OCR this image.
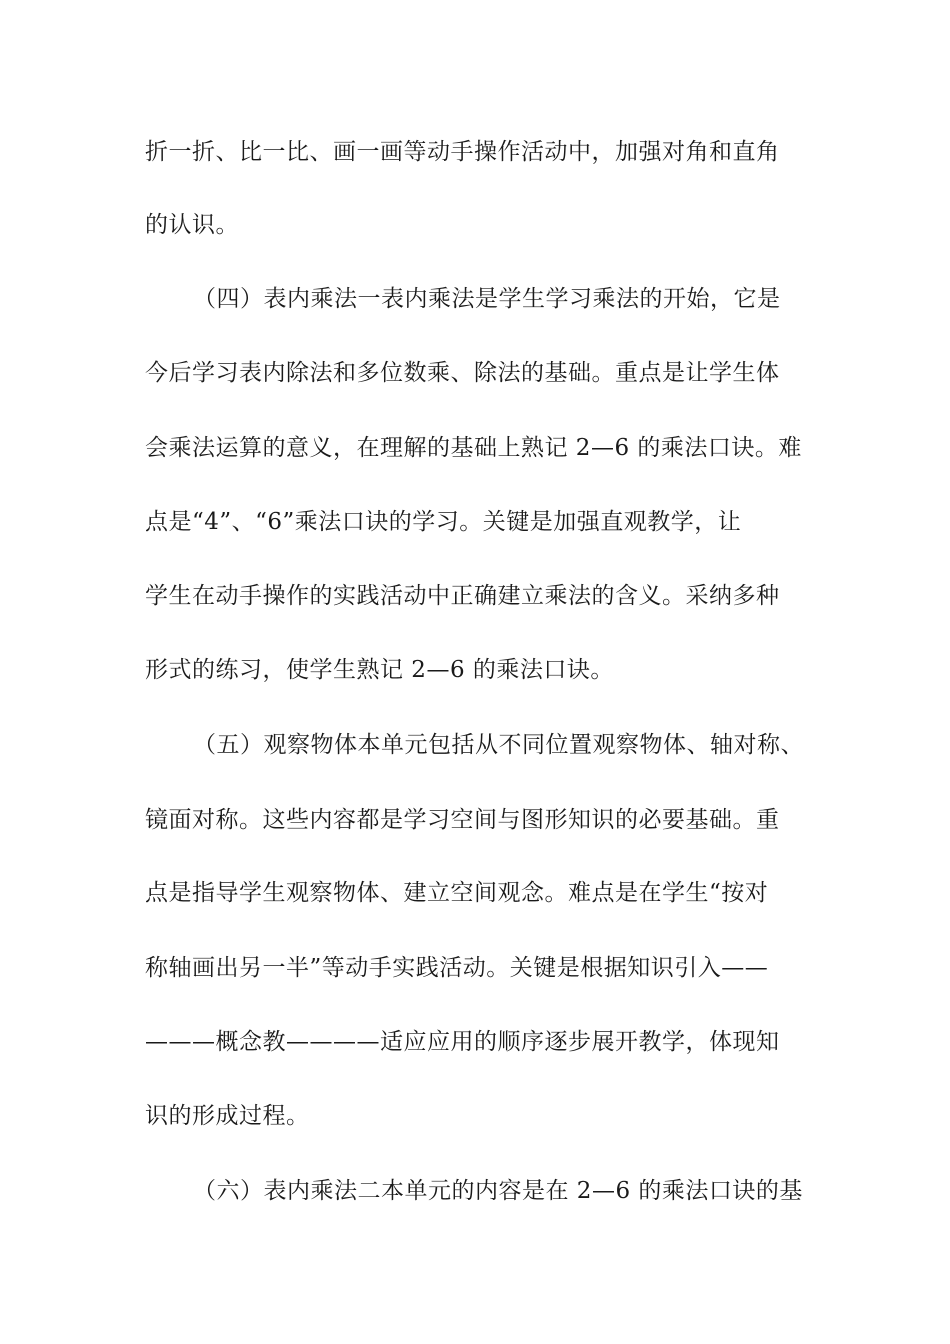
折一折、比一比、画一画等动手操作活动中，加强对角和直角
的认识。
（四）表内乘法一表内乘法是学生学习乘法的开始，它是
今后学习表内除法和多位数乘、除法的基础。重点是让学生体
会乘法运算的意义，在理解的基础上熟记 2—6 的乘法口诀。难
点是“4”、“6”乘法口诀的学习。关键是加强直观教学，让
学生在动手操作的实践活动中正确建立乘法的含义。采纳多种
形式的练习，使学生熟记 2—6 的乘法口诀。
（五）观察物体本单元包括从不同位置观察物体、轴对称、
镜面对称。这些内容都是学习空间与图形知识的必要基础。重
点是指导学生观察物体、建立空间观念。难点是在学生“按对
称轴画出另一半”等动手实践活动。关键是根据知识引入——
———概念教————适应应用的顺序逐步展开教学，体现知
识的形成过程。
（六）表内乘法二本单元的内容是在 2—6 的乘法口诀的基
